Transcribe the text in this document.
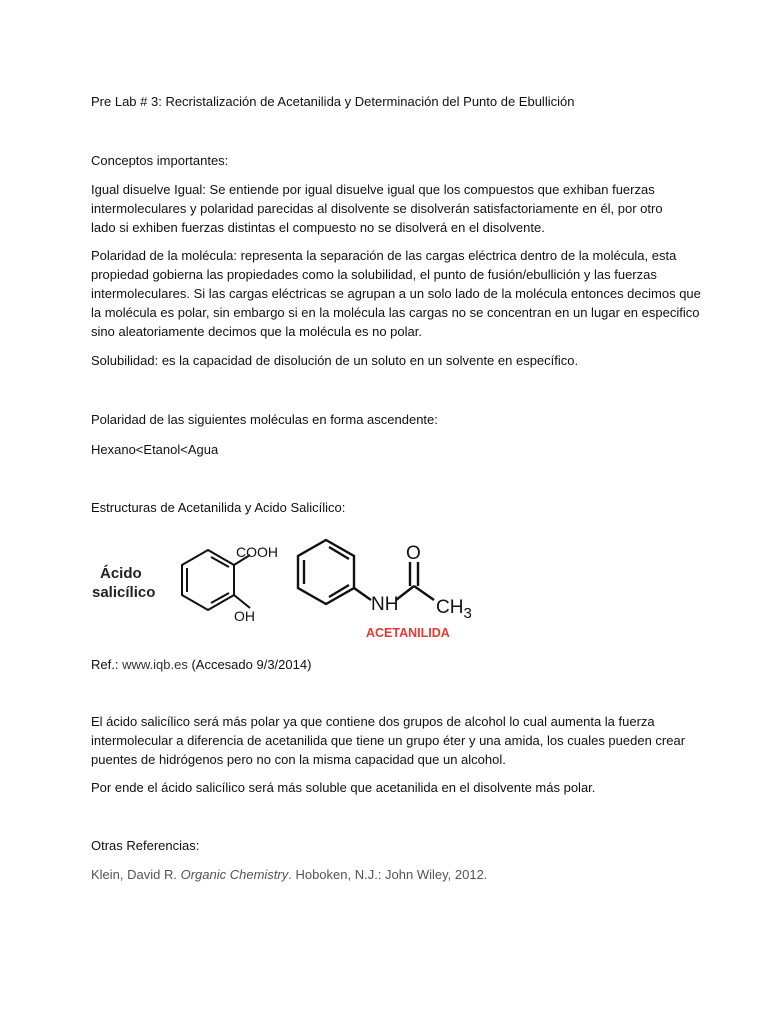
Pre Lab # 3: Recristalización de Acetanilida y Determinación del Punto de Ebullición

Conceptos importantes:

Igual disuelve Igual: Se entiende por igual disuelve igual que los compuestos que exhiban fuerzas
intermoleculares y polaridad parecidas al disolvente se disolverán satisfactoriamente en él, por otro
lado si exhiben fuerzas distintas el compuesto no se disolverá en el disolvente.
Polaridad de la molécula: representa la separación de las cargas eléctrica dentro de la molécula, esta
propiedad gobierna las propiedades como la solubilidad, el punto de fusión/ebullición y las fuerzas
intermoleculares. Si las cargas eléctricas se agrupan a un solo lado de la molécula entonces decimos que
la molécula es polar, sin embargo si en la molécula las cargas no se concentran en un lugar en especifico
sino aleatoriamente decimos que la molécula es no polar.

Solubilidad: es la capacidad de disolución de un soluto en un solvente en específico.

Polaridad de las siguientes moléculas en forma ascendente:

Hexano<Etanol<Agua

Estructuras de Acetanilida y Acido Salicílico:

Ácido
salicílico
COOH
OH
O
NH $CH_3$
ACETANILIDA

Ref.: www.iqb.es (Accesado 9/3/2014)

El ácido salicílico será más polar ya que contiene dos grupos de alcohol lo cual aumenta la fuerza
intermolecular a diferencia de acetanilida que tiene un grupo éter y una amida, los cuales pueden crear
puentes de hidrógenos pero no con la misma capacidad que un alcohol.

Por ende el ácido salicílico será más soluble que acetanilida en el disolvente más polar.

Otras Referencias:

Klein, David R. Organic Chemistry. Hoboken, N.J.: John Wiley, 2012.
